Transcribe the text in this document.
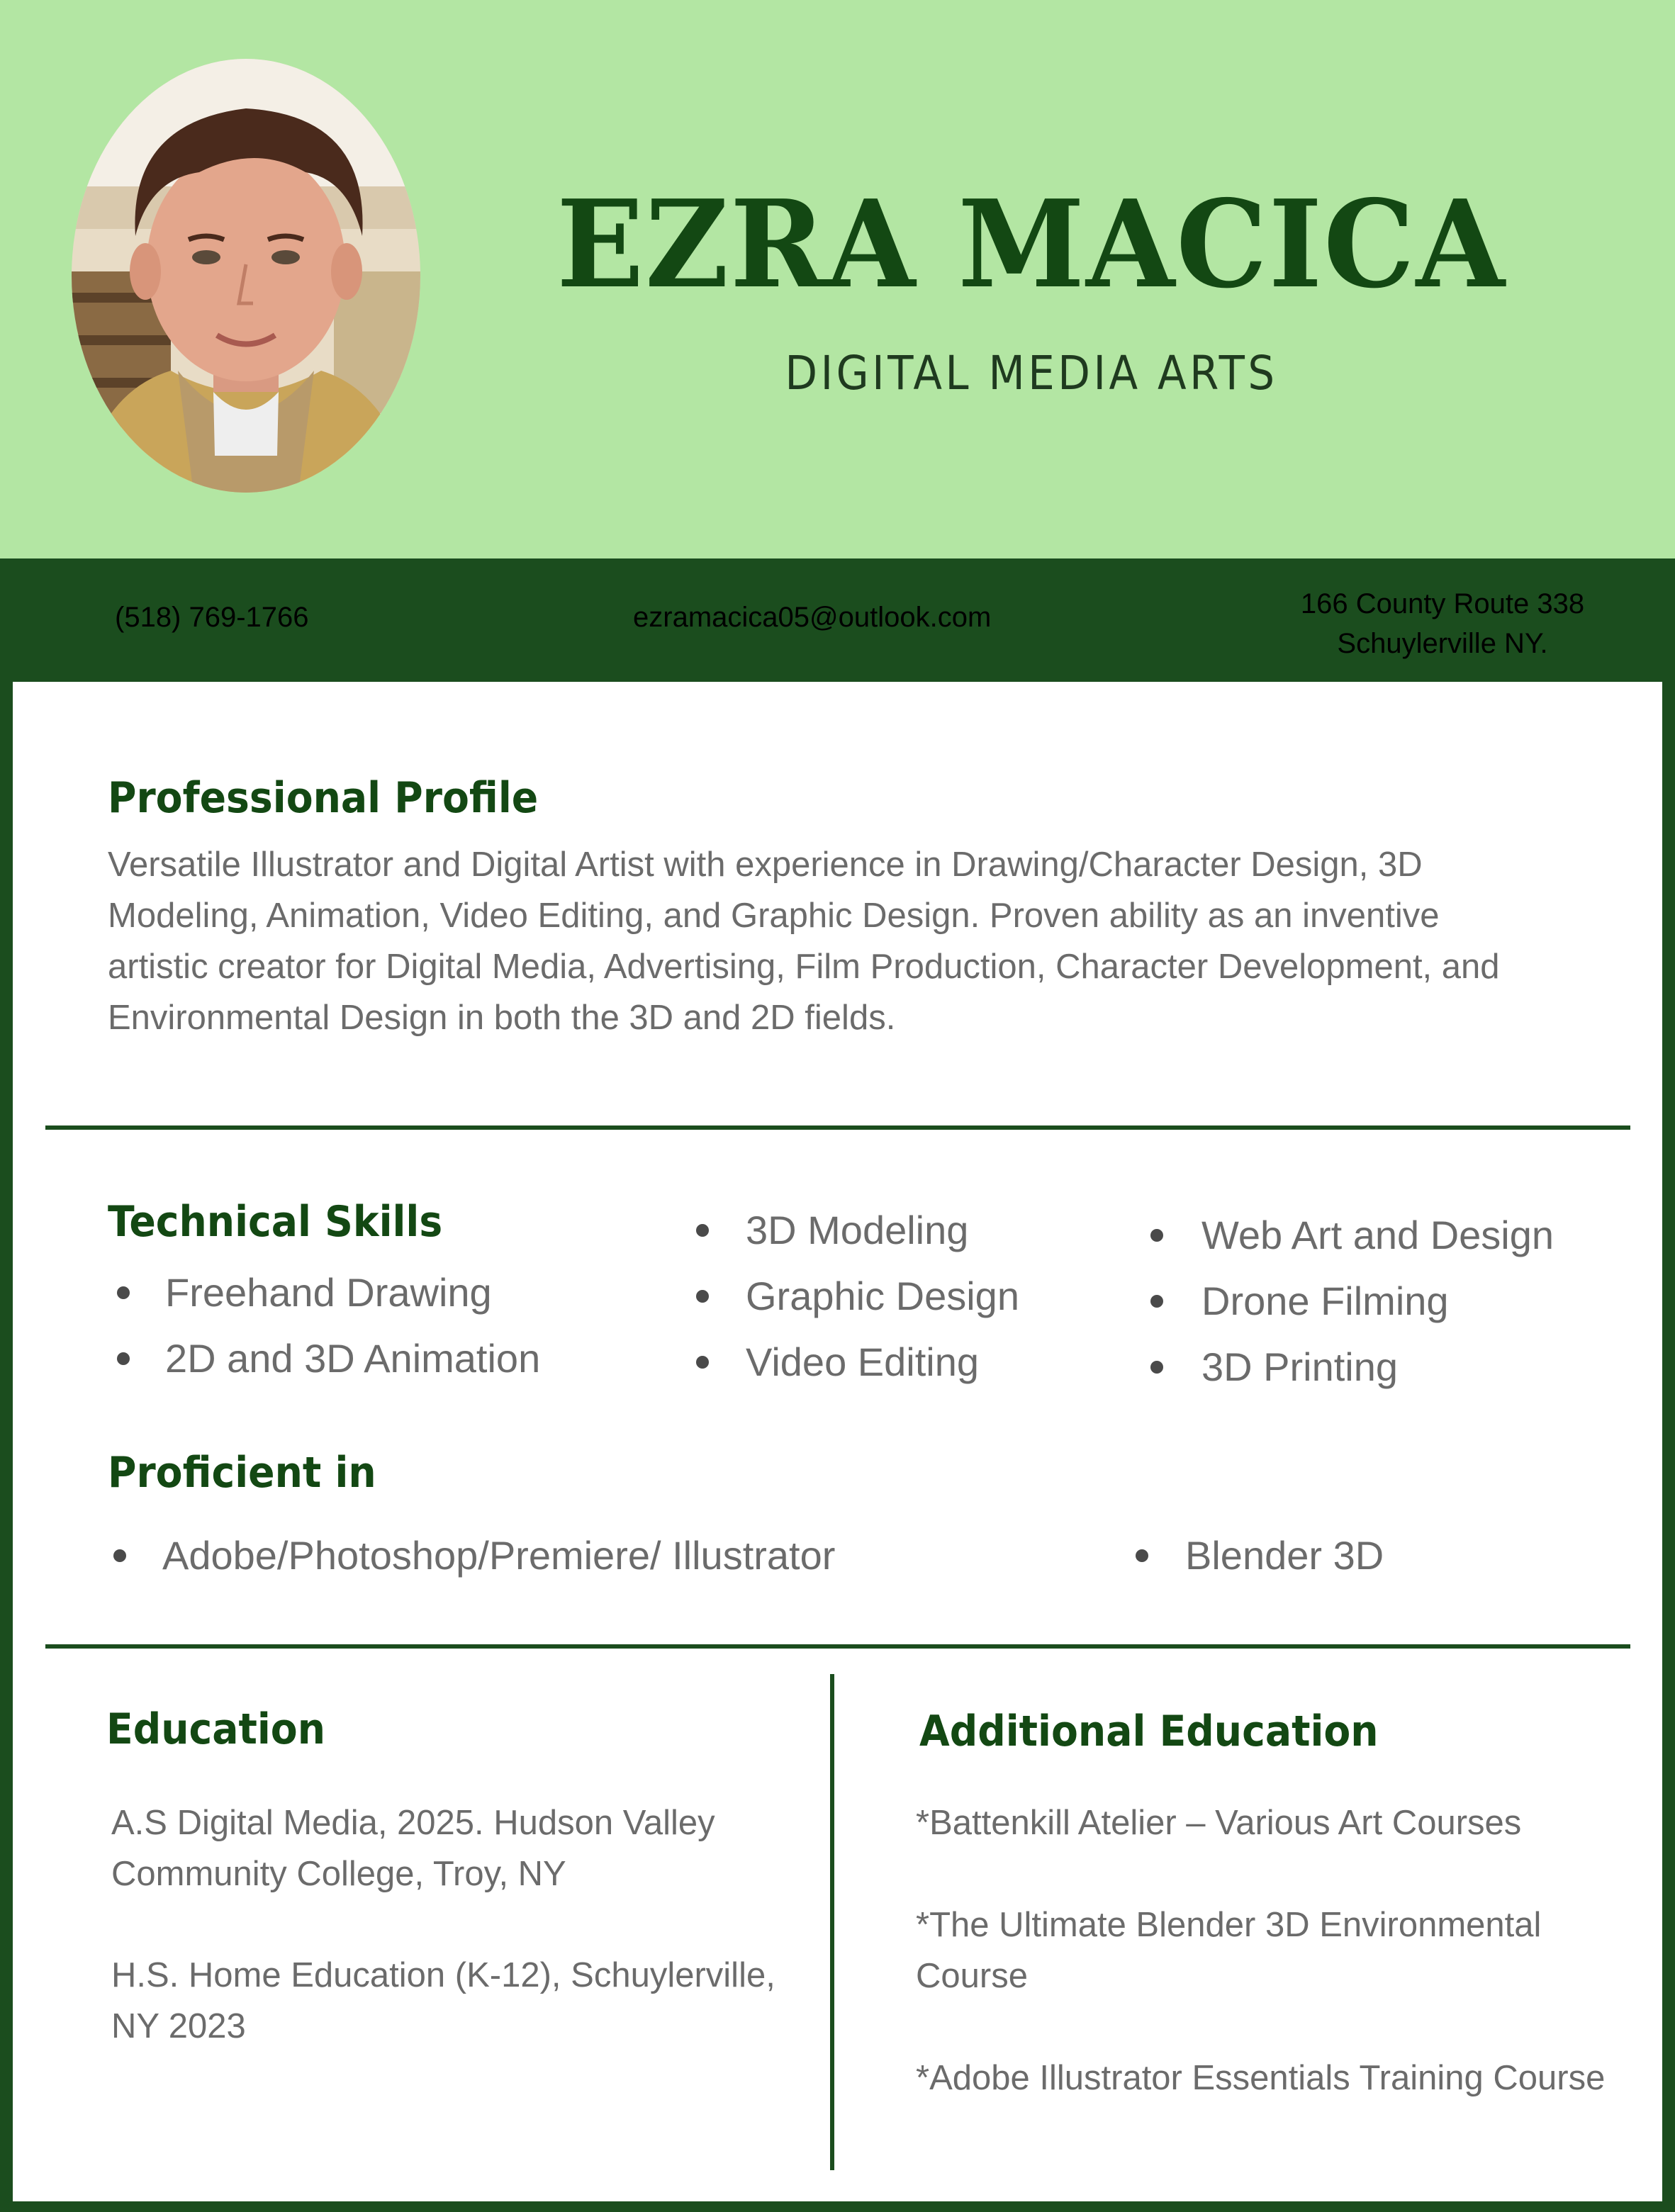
EZRA MACICA
DIGITAL MEDIA ARTS
(518) 769-1766	ezramacica05@outlook.com	166 County Route 338
Schuylerville NY.
Professional Profile

Versatile Illustrator and Digital Artist with experience in Drawing/Character Design, 3D

Modeling, Animation, Video Editing, and Graphic Design. Proven ability as an inventive

artistic creator for Digital Media, Advertising, Film Production, Character Development, and

Environmental Design in both the 3D and 2D fields.

Technical Skills
Freehand Drawing
2D and 3D Animation
3D Modeling
Graphic Design
Video Editing
Web Art and Design
Drone Filming
3D Printing
Proficient in
Adobe/Photoshop/Premiere/ Illustrator	Blender 3D
Education

A.S Digital Media, 2025. Hudson Valley

Community College, Troy, NY

H.S. Home Education (K-12), Schuylerville,

NY 2023

Additional Education

*Battenkill Atelier – Various Art Courses

*The Ultimate Blender 3D Environmental

Course

*Adobe Illustrator Essentials Training Course
